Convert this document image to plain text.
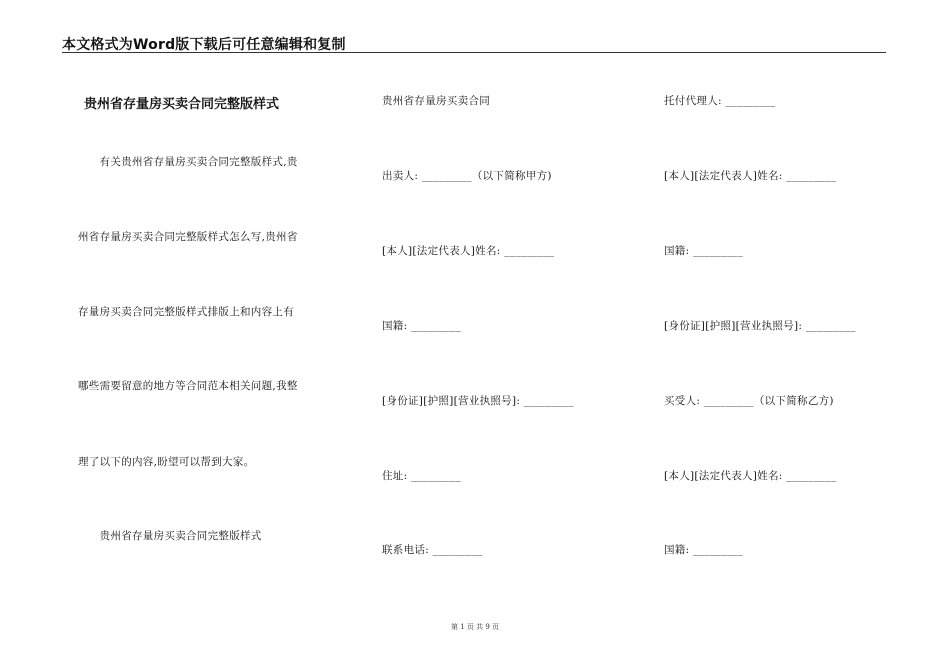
本文格式为Word版下载后可任意编辑和复制
贵州省存量房买卖合同完整版样式
　　有关贵州省存量房买卖合同完整版样式,贵
州省存量房买卖合同完整版样式怎么写,贵州省
存量房买卖合同完整版样式排版上和内容上有
哪些需要留意的地方等合同范本相关问题,我整
理了以下的内容,盼望可以帮到大家。
　　贵州省存量房买卖合同完整版样式
贵州省存量房买卖合同
出卖人: _________（以下简称甲方)
[本人][法定代表人]姓名: _________
国籍: _________
[身份证][护照][营业执照号]: _________
住址: _________
联系电话: _________
托付代理人: _________
[本人][法定代表人]姓名: _________
国籍: _________
[身份证][护照][营业执照号]: _________
买受人: _________（以下简称乙方)
[本人][法定代表人]姓名: _________
国籍: _________
第 1 页 共 9 页
